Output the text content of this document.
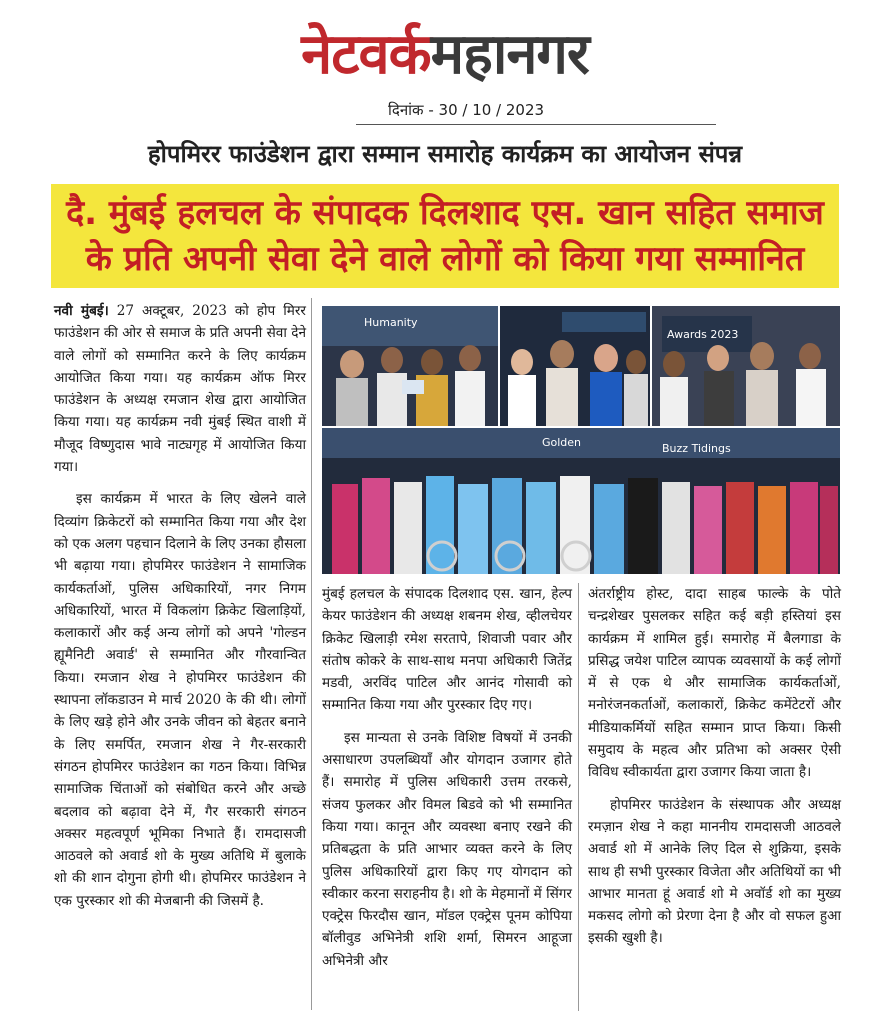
नेटवर्कमहानगर
दिनांक - 30 / 10 / 2023
होपमिरर फाउंडेशन द्वारा सम्मान समारोह कार्यक्रम का आयोजन संपन्न
दै. मुंबई हलचल के संपादक दिलशाद एस. खान सहित समाज
के प्रति अपनी सेवा देने वाले लोगों को किया गया सम्मानित

नवी मुंबई। 27 अक्टूबर, 2023 को होप मिरर फाउंडेशन की ओर से समाज के प्रति अपनी सेवा देने वाले लोगों को सम्मानित करने के लिए कार्यक्रम आयोजित किया गया। यह कार्यक्रम ऑफ मिरर फाउंडेशन के अध्यक्ष रमजान शेख द्वारा आयोजित किया गया। यह कार्यक्रम नवी मुंबई स्थित वाशी में मौजूद विष्णुदास भावे नाट्यगृह में आयोजित किया गया।

इस कार्यक्रम में भारत के लिए खेलने वाले दिव्यांग क्रिकेटरों को सम्मानित किया गया और देश को एक अलग पहचान दिलाने के लिए उनका हौसला भी बढ़ाया गया। होपमिरर फाउंडेशन ने सामाजिक कार्यकर्ताओं, पुलिस अधिकारियों, नगर निगम अधिकारियों, भारत में विकलांग क्रिकेट खिलाड़ियों, कलाकारों और कई अन्य लोगों को अपने 'गोल्डन ह्यूमैनिटी अवार्ड' से सम्मानित और गौरवान्वित किया। रमजान शेख ने होपमिरर फाउंडेशन की स्थापना लॉकडाउन मे मार्च 2020 के की थी। लोगों के लिए खड़े होने और उनके जीवन को बेहतर बनाने के लिए समर्पित, रमजान शेख ने गैर-सरकारी संगठन होपमिरर फाउंडेशन का गठन किया। विभिन्न सामाजिक चिंताओं को संबोधित करने और अच्छे बदलाव को बढ़ावा देने में, गैर सरकारी संगठन अक्सर महत्वपूर्ण भूमिका निभाते हैं। रामदासजी आठवले को अवार्ड शो के मुख्य अतिथि में बुलाके शो की शान दोगुना होगी थी। होपमिरर फाउंडेशन ने एक पुरस्कार शो की मेजबानी की जिसमें है.

Humanity
Awards 2023
Golden	Buzz Tidings

मुंबई हलचल के संपादक दिलशाद एस. खान, हेल्प केयर फाउंडेशन की अध्यक्ष शबनम शेख, व्हीलचेयर क्रिकेट खिलाड़ी रमेश सरतापे, शिवाजी पवार और संतोष कोकरे के साथ-साथ मनपा अधिकारी जितेंद्र मडवी, अरविंद पाटिल और आनंद गोसावी को सम्मानित किया गया और पुरस्कार दिए गए।

इस मान्यता से उनके विशिष्ट विषयों में उनकी असाधारण उपलब्धियाँ और योगदान उजागर होते हैं। समारोह में पुलिस अधिकारी उत्तम तरकसे, संजय फुलकर और विमल बिडवे को भी सम्मानित किया गया। कानून और व्यवस्था बनाए रखने की प्रतिबद्धता के प्रति आभार व्यक्त करने के लिए पुलिस अधिकारियों द्वारा किए गए योगदान को स्वीकार करना सराहनीय है। शो के मेहमानों में सिंगर एक्ट्रेस फिरदौस खान, मॉडल एक्ट्रेस पूनम कोपिया बॉलीवुड अभिनेत्री शशि शर्मा, सिमरन आहूजा अभिनेत्री और

अंतर्राष्ट्रीय होस्ट, दादा साहब फाल्के के पोते चन्द्रशेखर पुसलकर सहित कई बड़ी हस्तियां इस कार्यक्रम में शामिल हुई। समारोह में बैलगाडा के प्रसिद्ध जयेश पाटिल व्यापक व्यवसायों के कई लोगों में से एक थे और सामाजिक कार्यकर्ताओं, मनोरंजनकर्ताओं, कलाकारों, क्रिकेट कमेंटेटरों और मीडियाकर्मियों सहित सम्मान प्राप्त किया। किसी समुदाय के महत्व और प्रतिभा को अक्सर ऐसी विविध स्वीकार्यता द्वारा उजागर किया जाता है।

होपमिरर फाउंडेशन के संस्थापक और अध्यक्ष रमज़ान शेख ने कहा माननीय रामदासजी आठवले अवार्ड शो में आनेके लिए दिल से शुक्रिया, इसके साथ ही सभी पुरस्कार विजेता और अतिथियों का भी आभार मानता हूं अवार्ड शो मे अवॉर्ड शो का मुख्य मकसद लोगो को प्रेरणा देना है और वो सफल हुआ इसकी खुशी है।
